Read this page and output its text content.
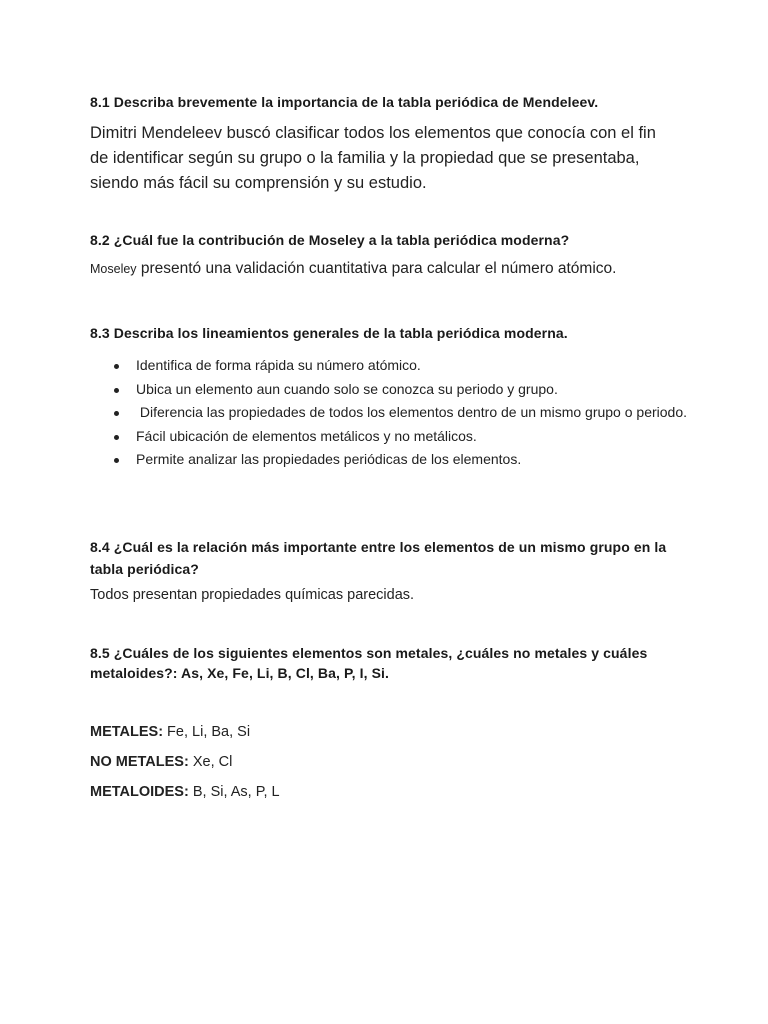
8.1 Describa brevemente la importancia de la tabla periódica de Mendeleev.
Dimitri Mendeleev buscó clasificar todos los elementos que conocía con el fin de identificar según su grupo o la familia y la propiedad que se presentaba, siendo más fácil su comprensión y su estudio.
8.2 ¿Cuál fue la contribución de Moseley a la tabla periódica moderna?
Moseley presentó una validación cuantitativa para calcular el número atómico.
8.3 Describa los lineamientos generales de la tabla periódica moderna.
Identifica de forma rápida su número atómico.
Ubica un elemento aun cuando solo se conozca su periodo y grupo.
Diferencia las propiedades de todos los elementos dentro de un mismo grupo o periodo.
Fácil ubicación de elementos metálicos y no metálicos.
Permite analizar las propiedades periódicas de los elementos.
8.4 ¿Cuál es la relación más importante entre los elementos de un mismo grupo en la tabla periódica?
Todos presentan propiedades químicas parecidas.
8.5 ¿Cuáles de los siguientes elementos son metales, ¿cuáles no metales y cuáles metaloides?: As, Xe, Fe, Li, B, Cl, Ba, P, I, Si.
METALES: Fe, Li, Ba, Si
NO METALES: Xe, Cl
METALOIDES: B, Si, As, P, L
